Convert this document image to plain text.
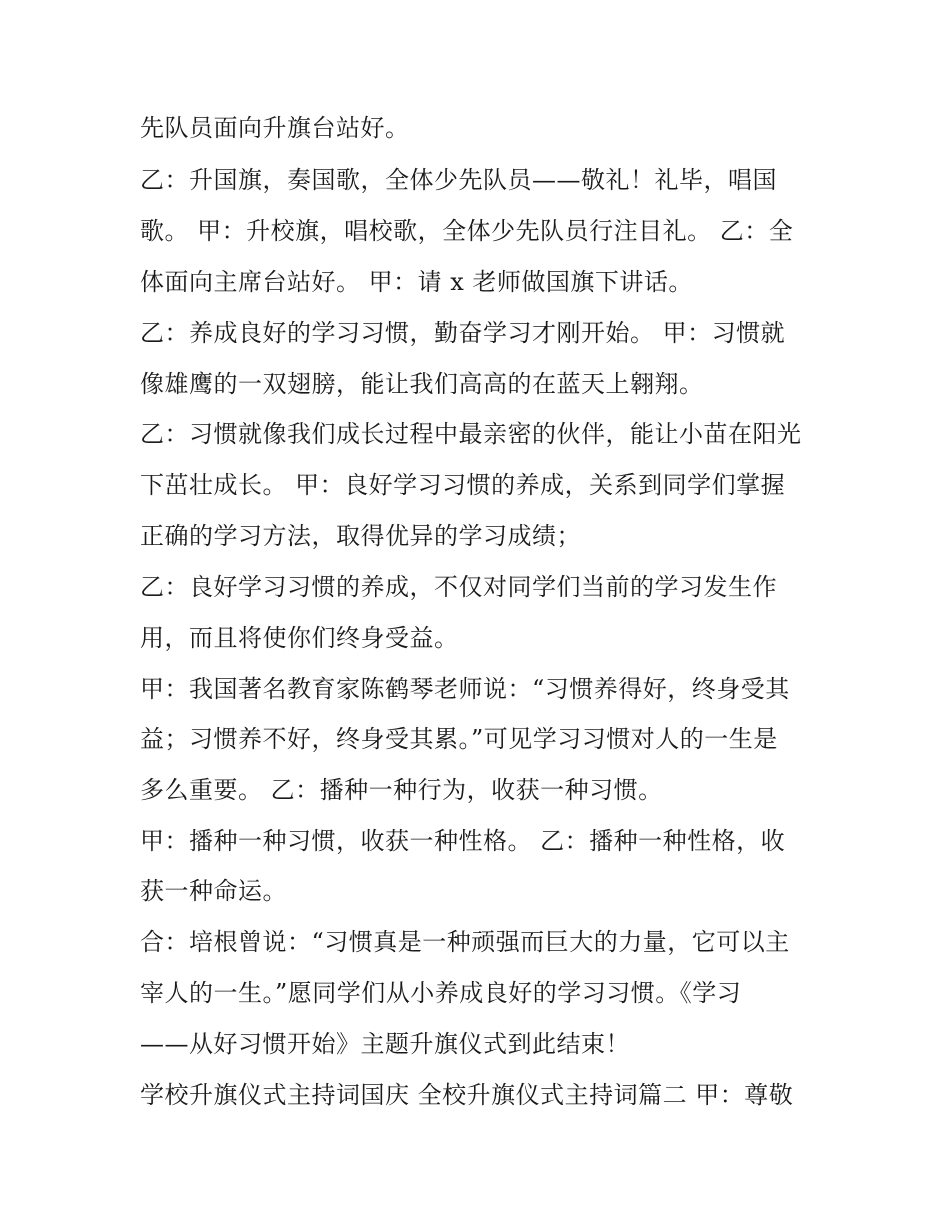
先队员面向升旗台站好。
乙：升国旗，奏国歌，全体少先队员——敬礼！礼毕，唱国
歌。 甲：升校旗，唱校歌，全体少先队员行注目礼。 乙：全
体面向主席台站好。 甲：请 x 老师做国旗下讲话。
乙：养成良好的学习习惯，勤奋学习才刚开始。 甲：习惯就
像雄鹰的一双翅膀，能让我们高高的在蓝天上翱翔。
乙：习惯就像我们成长过程中最亲密的伙伴，能让小苗在阳光
下茁壮成长。 甲：良好学习习惯的养成，关系到同学们掌握
正确的学习方法，取得优异的学习成绩；
乙：良好学习习惯的养成，不仅对同学们当前的学习发生作
用，而且将使你们终身受益。
甲：我国著名教育家陈鹤琴老师说：“习惯养得好，终身受其
益；习惯养不好，终身受其累。”可见学习习惯对人的一生是
多么重要。 乙：播种一种行为，收获一种习惯。
甲：播种一种习惯，收获一种性格。 乙：播种一种性格，收
获一种命运。
合：培根曾说：“习惯真是一种顽强而巨大的力量，它可以主
宰人的一生。”愿同学们从小养成良好的学习习惯。《学习
——从好习惯开始》主题升旗仪式到此结束！
学校升旗仪式主持词国庆 全校升旗仪式主持词篇二 甲：尊敬
